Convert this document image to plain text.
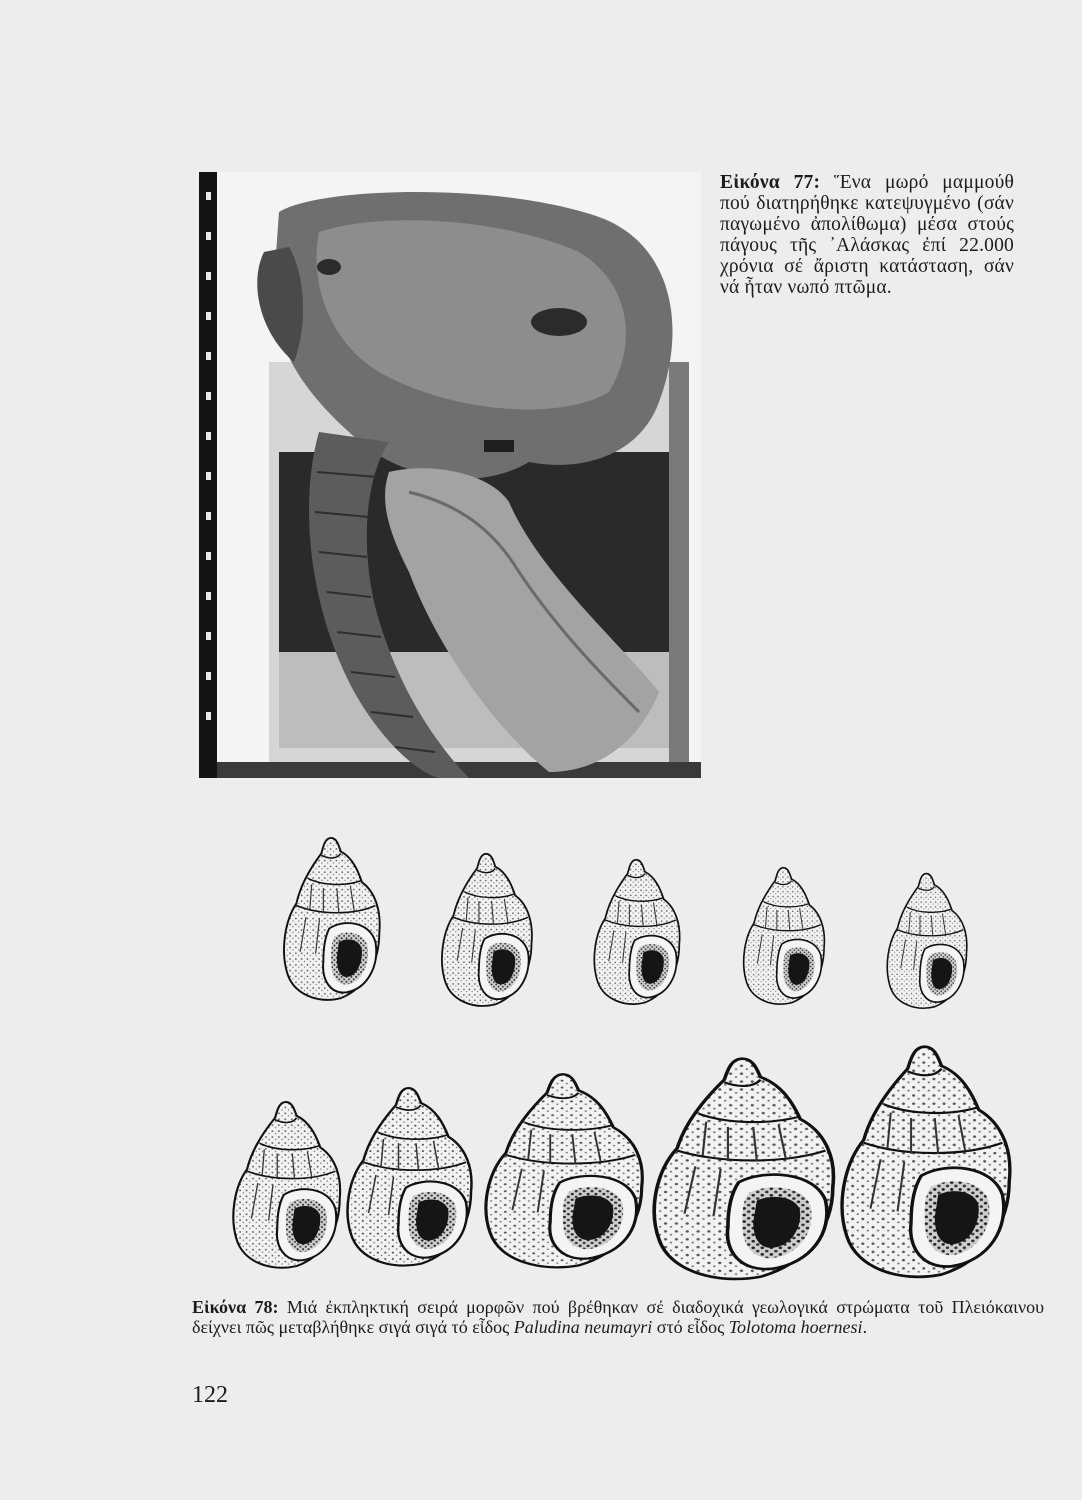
Εἰκόνα 77: Ἕνα μωρό μαμμούθ πού διατηρήθηκε κατεψυγμένο (σάν παγωμένο ἀπολίθωμα) μέσα στούς πάγους τῆς ᾿Αλάσκας ἐπί 22.000 χρόνια σέ ἄριστη κατάσταση, σάν νά ἦταν νωπό πτῶμα.
Εἰκόνα 78: Μιά ἐκπληκτική σειρά μορφῶν πού βρέθηκαν σέ διαδοχικά γεωλογικά στρώματα τοῦ Πλειόκαινου δείχνει πῶς μεταβλήθηκε σιγά σιγά τό εἶδος Paludina neumayri στό εἶδος Tolotoma hoernesi.
122
